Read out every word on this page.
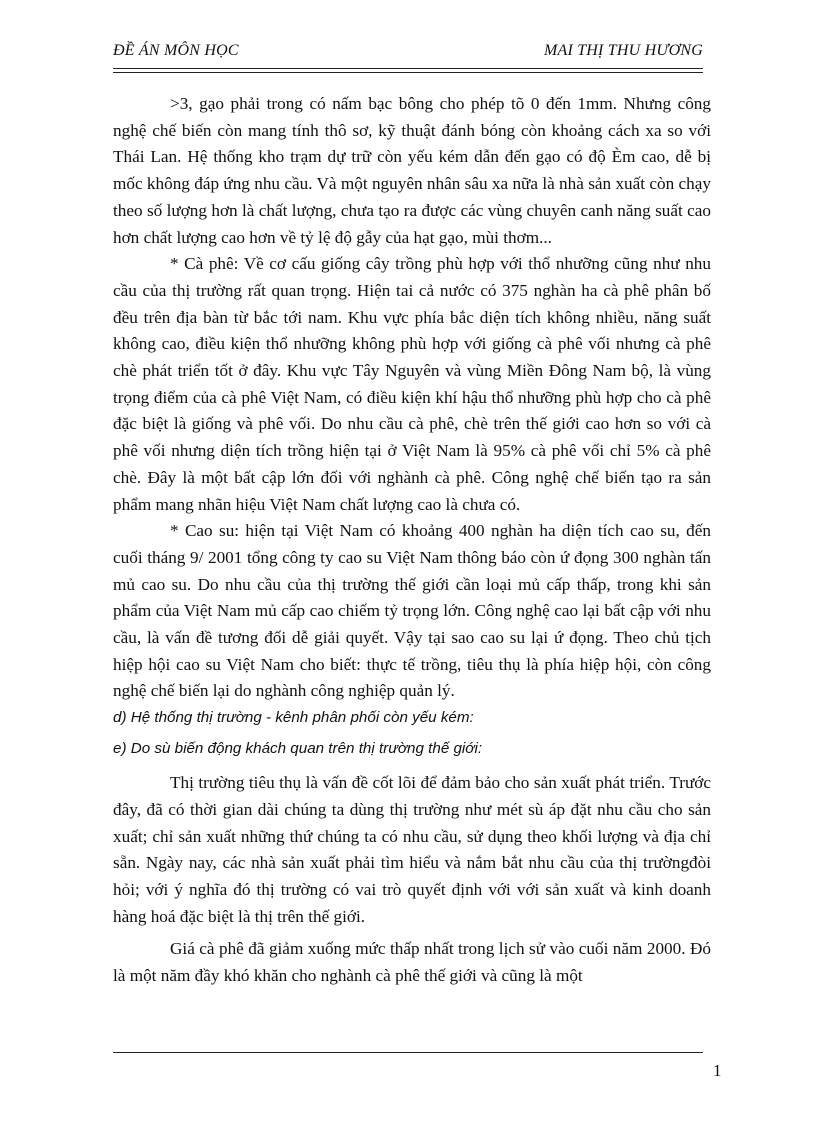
ĐỀ ÁN MÔN HỌC	MAI THỊ THU HƯƠNG

>3, gạo phải trong có nấm bạc bông cho phép tõ 0 đến 1mm. Nhưng công nghệ chế biến còn mang tính thô sơ, kỹ thuật đánh bóng còn khoảng cách xa so với Thái Lan. Hệ thống kho trạm dự trữ còn yếu kém dẫn đến gạo có độ Èm cao, dễ bị mốc không đáp ứng nhu cầu. Và một nguyên nhân sâu xa nữa là nhà sản xuất còn chạy theo số lượng hơn là chất lượng, chưa tạo ra được các vùng chuyên canh năng suất cao hơn chất lượng cao hơn về tỷ lệ độ gẫy của hạt gạo, mùi thơm...

* Cà phê: Về cơ cấu giống cây trồng phù hợp với thổ nhưỡng cũng như nhu cầu của thị trường rất quan trọng. Hiện tai cả nước có 375 nghàn ha cà phê phân bố đều trên địa bàn từ bắc tới nam. Khu vực phía bắc diện tích không nhiều, năng suất không cao, điều kiện thổ nhưỡng không phù hợp với giống cà phê vối nhưng cà phê chè phát triển tốt ở đây. Khu vực Tây Nguyên và vùng Miền Đông Nam bộ, là vùng trọng điểm của cà phê Việt Nam, có điều kiện khí hậu thổ nhưỡng phù hợp cho cà phê đặc biệt là giống và phê vối. Do nhu cầu cà phê, chè trên thế giới cao hơn so với cà phê vối nhưng diện tích trồng hiện tại ở Việt Nam là 95% cà phê vối chỉ 5% cà phê chè. Đây là một bất cập lớn đối với nghành cà phê. Công nghệ chế biến tạo ra sản phẩm mang nhãn hiệu Việt Nam chất lượng cao là chưa có.

* Cao su: hiện tại Việt Nam có khoảng 400 nghàn ha diện tích cao su, đến cuối tháng 9/ 2001 tổng công ty cao su Việt Nam thông báo còn ứ đọng 300 nghàn tấn mủ cao su. Do nhu cầu của thị trường thế giới cần loại mủ cấp thấp, trong khi sản phẩm của Việt Nam mủ cấp cao chiếm tỷ trọng lớn. Công nghệ cao lại bất cập với nhu cầu, là vấn đề tương đối dễ giải quyết. Vậy tại sao cao su lại ứ đọng. Theo chủ tịch hiệp hội cao su Việt Nam cho biết: thực tế trồng, tiêu thụ là phía hiệp hội, còn công nghệ chế biến lại do nghành công nghiệp quản lý.

d) Hệ thống thị trường - kênh phân phối còn yếu kém:

e) Do sù biến động khách quan trên thị trường thế giới:

Thị trường tiêu thụ là vấn đề cốt lõi để đảm bảo cho sản xuất phát triển. Trước đây, đã có thời gian dài chúng ta dùng thị trường như mét sù áp đặt nhu cầu cho sản xuất; chỉ sản xuất những thứ chúng ta có nhu cầu, sử dụng theo khối lượng và địa chỉ sẵn. Ngày nay, các nhà sản xuất phải tìm hiểu và nắm bắt nhu cầu của thị trườngđòi hỏi; với ý nghĩa đó thị trường có vai trò quyết định với với sản xuất và kinh doanh hàng hoá đặc biệt là thị trên thế giới.

Giá cà phê đã giảm xuống mức thấp nhất trong lịch sử vào cuối năm 2000. Đó là một năm đầy khó khăn cho nghành cà phê thế giới và cũng là một

1
